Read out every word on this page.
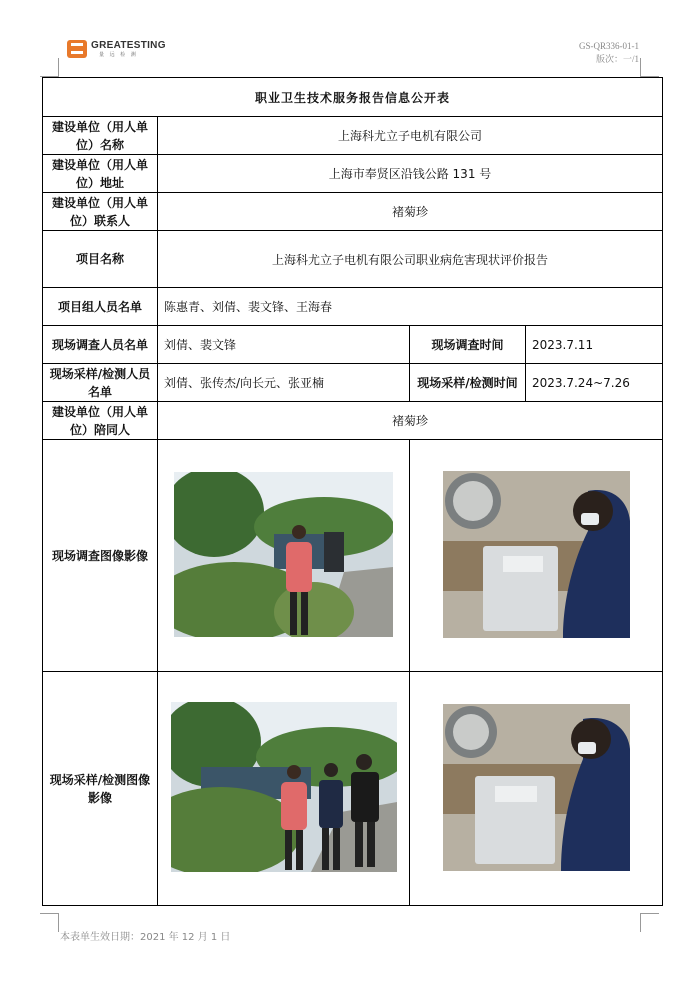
GREATESTING
量 远 检 测
GS-QR336-01-1
版次：一/1
职业卫生技术服务报告信息公开表			
建设单位（用人单位）名称	上海科尤立子电机有限公司		
建设单位（用人单位）地址	上海市奉贤区沿钱公路 131 号		
建设单位（用人单位）联系人	褚菊珍		
项目名称	上海科尤立子电机有限公司职业病危害现状评价报告		
项目组人员名单	陈惠青、刘倩、裴文锋、王海春		
现场调查人员名单	刘倩、裴文锋	现场调查时间	2023.7.11
现场采样/检测人员名单	刘倩、张传杰/向长元、张亚楠	现场采样/检测时间	2023.7.24~7.26
建设单位（用人单位）陪同人	褚菊珍		
现场调查图像影像		
现场采样/检测图像影像		
本表单生效日期：2021 年 12 月 1 日
